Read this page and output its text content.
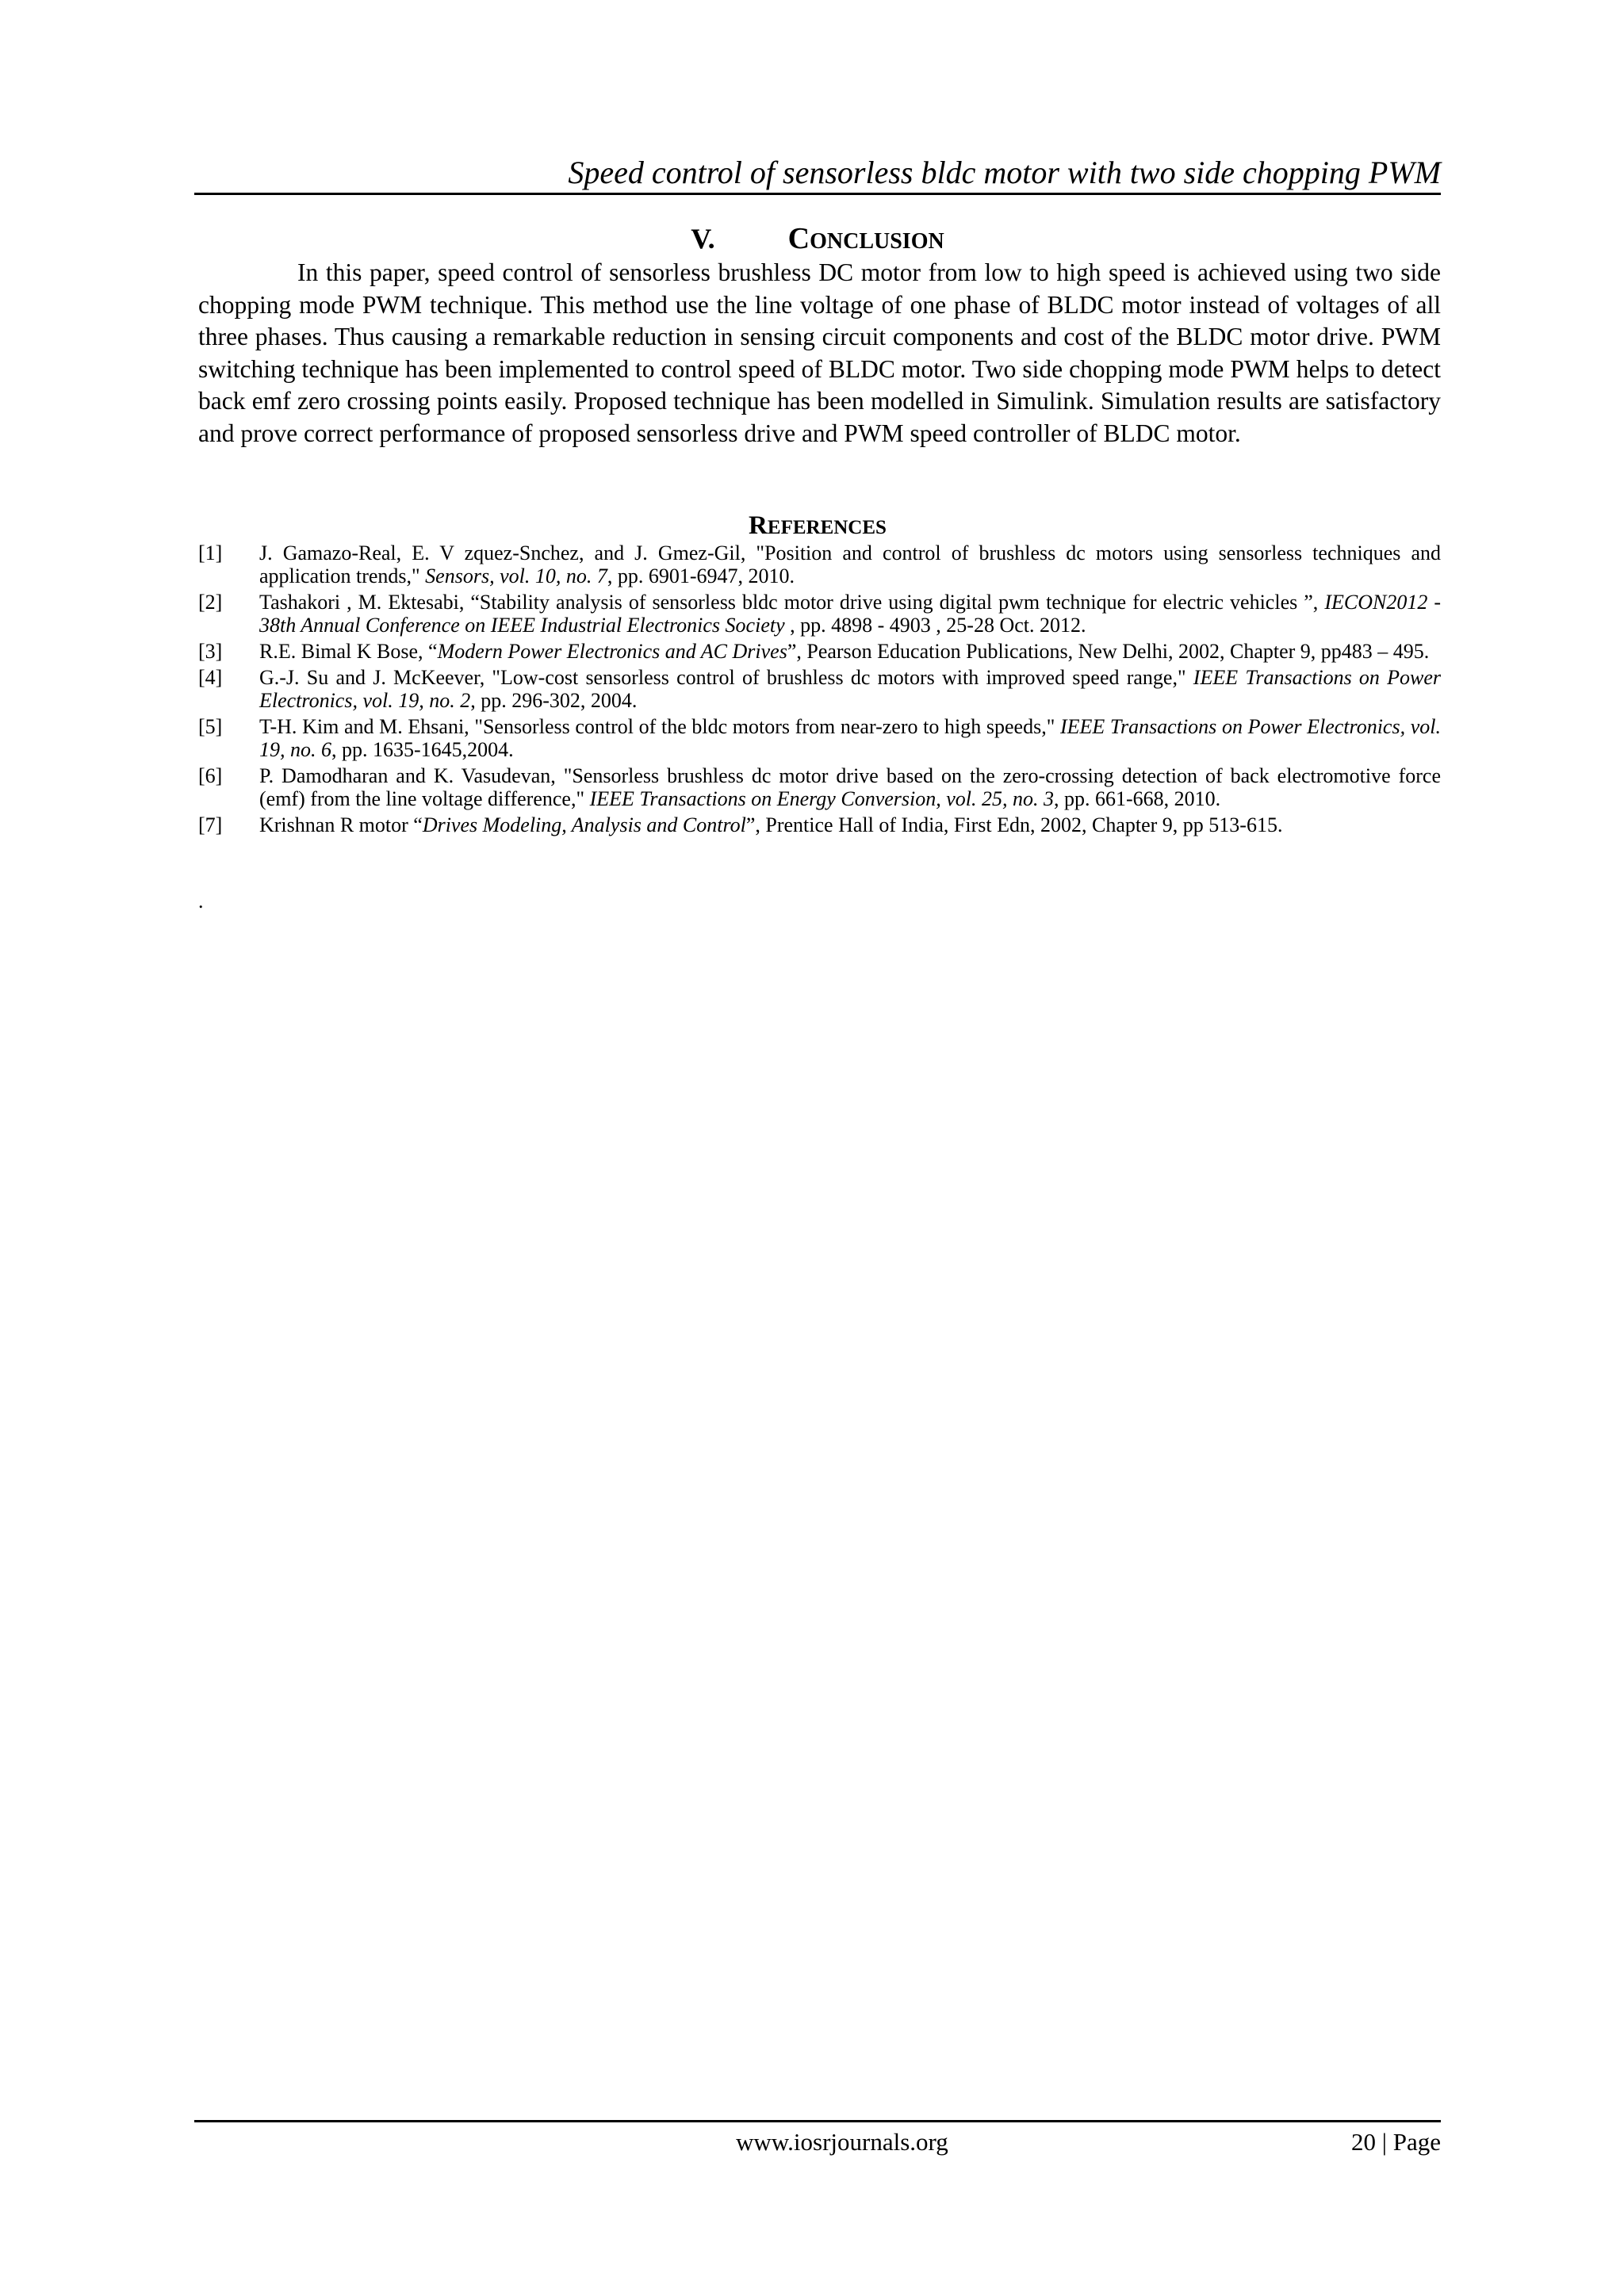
Speed control of sensorless bldc motor with two side chopping PWM
V. CONCLUSION

In this paper, speed control of sensorless brushless DC motor from low to high speed is achieved using two side chopping mode PWM technique. This method use the line voltage of one phase of BLDC motor instead of voltages of all three phases. Thus causing a remarkable reduction in sensing circuit components and cost of the BLDC motor drive. PWM switching technique has been implemented to control speed of BLDC motor. Two side chopping mode PWM helps to detect back emf zero crossing points easily. Proposed technique has been modelled in Simulink. Simulation results are satisfactory and prove correct performance of proposed sensorless drive and PWM speed controller of BLDC motor.

REFERENCES
[1] J. Gamazo-Real, E. V zquez-Snchez, and J. Gmez-Gil, "Position and control of brushless dc motors using sensorless techniques and application trends," Sensors, vol. 10, no. 7, pp. 6901-6947, 2010.
[2] Tashakori , M. Ektesabi, “Stability analysis of sensorless bldc motor drive using digital pwm technique for electric vehicles ”, IECON2012 - 38th Annual Conference on IEEE Industrial Electronics Society , pp. 4898 - 4903 , 25-28 Oct. 2012.
[3] R.E. Bimal K Bose, “Modern Power Electronics and AC Drives”, Pearson Education Publications, New Delhi, 2002, Chapter 9, pp483 – 495.
[4] G.-J. Su and J. McKeever, "Low-cost sensorless control of brushless dc motors with improved speed range," IEEE Transactions on Power Electronics, vol. 19, no. 2, pp. 296-302, 2004.
[5] T-H. Kim and M. Ehsani, "Sensorless control of the bldc motors from near-zero to high speeds," IEEE Transactions on Power Electronics, vol. 19, no. 6, pp. 1635-1645,2004.
[6] P. Damodharan and K. Vasudevan, "Sensorless brushless dc motor drive based on the zero-crossing detection of back electromotive force (emf) from the line voltage difference," IEEE Transactions on Energy Conversion, vol. 25, no. 3, pp. 661-668, 2010.
[7] Krishnan R motor “Drives Modeling, Analysis and Control”, Prentice Hall of India, First Edn, 2002, Chapter 9, pp 513-615.
.
www.iosrjournals.org	20 | Page
